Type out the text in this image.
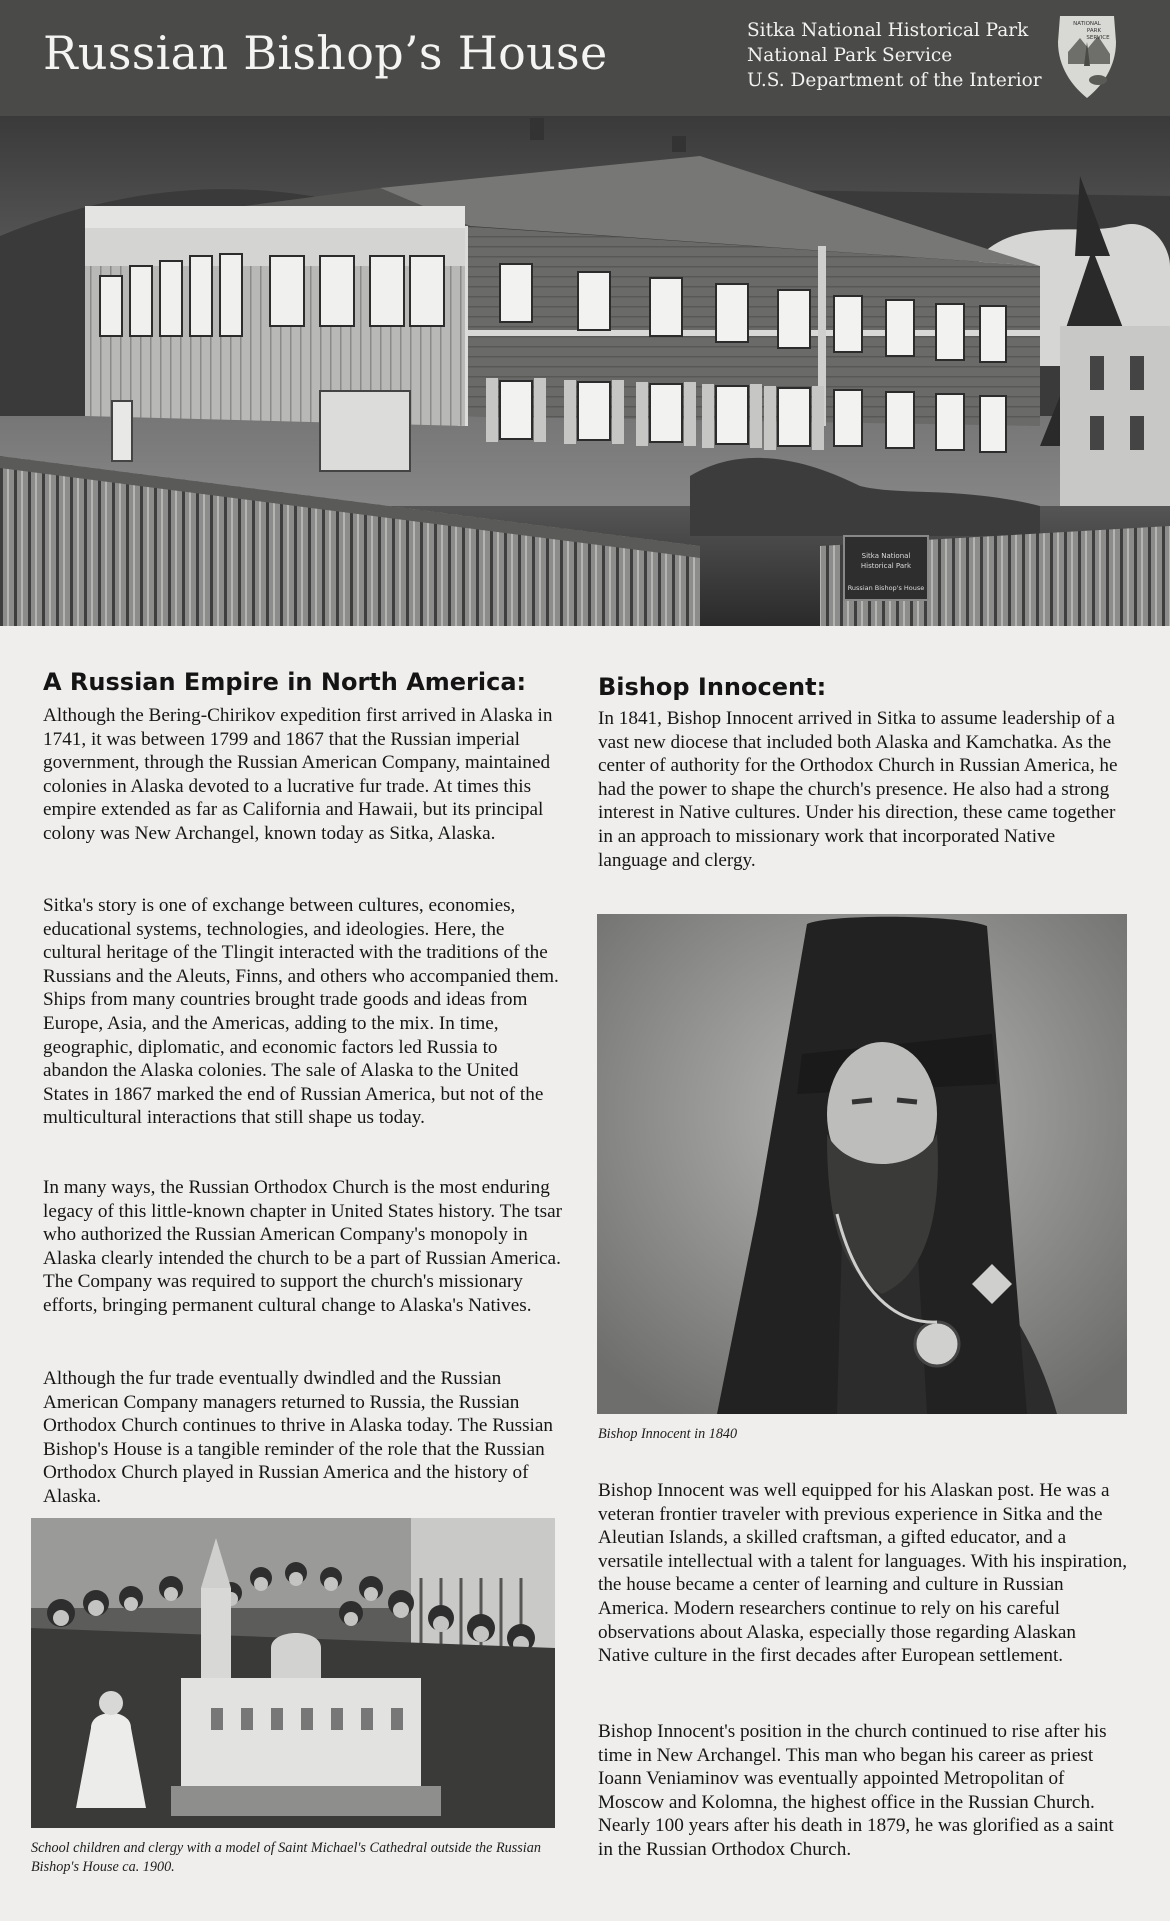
Russian Bishop’s House	Sitka National Historical Park
National Park Service
U.S. Department of the Interior
NATIONAL
PARK
SERVICE
Sitka National
Historical Park
Russian Bishop's House
A Russian Empire in North America:

Although the Bering-Chirikov expedition first arrived in Alaska in 1741, it was between 1799 and 1867 that the Russian imperial government, through the Russian American Company, maintained colonies in Alaska devoted to a lucrative fur trade. At times this empire extended as far as California and Hawaii, but its principal colony was New Archangel, known today as Sitka, Alaska.

Sitka's story is one of exchange between cultures, economies, educational systems, technologies, and ideologies. Here, the cultural heritage of the Tlingit interacted with the traditions of the Russians and the Aleuts, Finns, and others who accompanied them. Ships from many countries brought trade goods and ideas from Europe, Asia, and the Americas, adding to the mix. In time, geographic, diplomatic, and economic factors led Russia to abandon the Alaska colonies. The sale of Alaska to the United States in 1867 marked the end of Russian America, but not of the multicultural interactions that still shape us today.

In many ways, the Russian Orthodox Church is the most enduring legacy of this little-known chapter in United States history. The tsar who authorized the Russian American Company's monopoly in Alaska clearly intended the church to be a part of Russian America. The Company was required to support the church's missionary efforts, bringing permanent cultural change to Alaska's Natives.

Although the fur trade eventually dwindled and the Russian American Company managers returned to Russia, the Russian Orthodox Church continues to thrive in Alaska today. The Russian Bishop's House is a tangible reminder of the role that the Russian Orthodox Church played in Russian America and the history of Alaska.

School children and clergy with a model of Saint Michael's Cathedral outside the Russian Bishop's House ca. 1900.

Bishop Innocent:

In 1841, Bishop Innocent arrived in Sitka to assume leadership of a vast new diocese that included both Alaska and Kamchatka. As the center of authority for the Orthodox Church in Russian America, he had the power to shape the church's presence. He also had a strong interest in Native cultures. Under his direction, these came together in an approach to missionary work that incorporated Native language and clergy.

Bishop Innocent in 1840

Bishop Innocent was well equipped for his Alaskan post. He was a veteran frontier traveler with previous experience in Sitka and the Aleutian Islands, a skilled craftsman, a gifted educator, and a versatile intellectual with a talent for languages. With his inspiration, the house became a center of learning and culture in Russian America. Modern researchers continue to rely on his careful observations about Alaska, especially those regarding Alaskan Native culture in the first decades after European settlement.

Bishop Innocent's position in the church continued to rise after his time in New Archangel. This man who began his career as priest Ioann Veniaminov was eventually appointed Metropolitan of Moscow and Kolomna, the highest office in the Russian Church. Nearly 100 years after his death in 1879, he was glorified as a saint in the Russian Orthodox Church.
